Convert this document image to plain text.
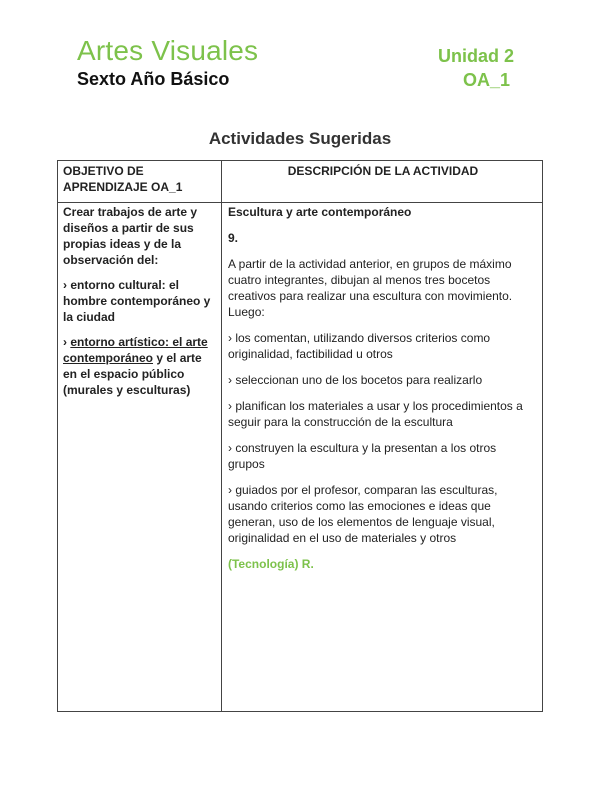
Artes Visuales
Sexto Año Básico
Unidad 2
OA_1
Actividades Sugeridas
OBJETIVO DE APRENDIZAJE OA_1
DESCRIPCIÓN DE LA ACTIVIDAD

Crear trabajos de arte y diseños a partir de sus propias ideas y de la observación del:

› entorno cultural: el hombre contemporáneo y la ciudad

› entorno artístico: el arte contemporáneo y el arte en el espacio público (murales y esculturas)

Escultura y arte contemporáneo

9.

A partir de la actividad anterior, en grupos de máximo cuatro integrantes, dibujan al menos tres bocetos creativos para realizar una escultura con movimiento. Luego:

› los comentan, utilizando diversos criterios como originalidad, factibilidad u otros

› seleccionan uno de los bocetos para realizarlo

› planifican los materiales a usar y los procedimientos a seguir para la construcción de la escultura

› construyen la escultura y la presentan a los otros grupos

› guiados por el profesor, comparan las esculturas, usando criterios como las emociones e ideas que generan, uso de los elementos de lenguaje visual, originalidad en el uso de materiales y otros

(Tecnología) R.
